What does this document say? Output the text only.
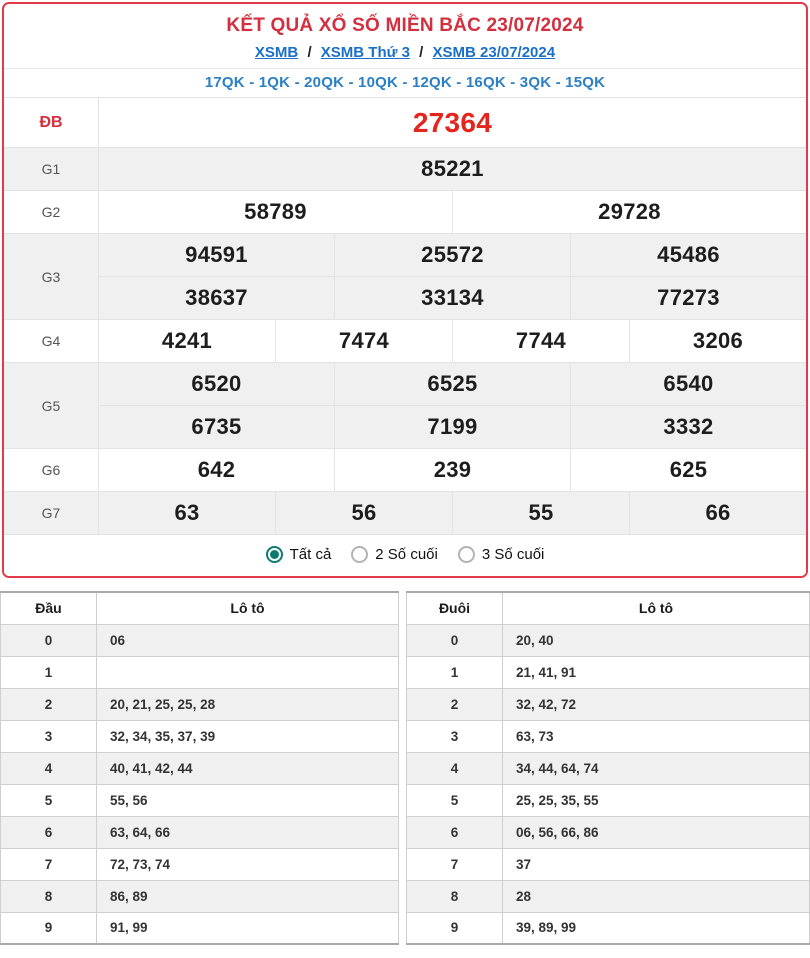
KẾT QUẢ XỔ SỐ MIỀN BẮC 23/07/2024
XSMB / XSMB Thứ 3 / XSMB 23/07/2024
17QK - 1QK - 20QK - 10QK - 12QK - 16QK - 3QK - 15QK
ĐB	27364
G1	85221
G2	58789	29728
G3
94591	25572	45486
38637	33134	77273
G4	4241	7474	7744	3206
G5
6520	6525	6540
6735	7199	3332
G6	642	239	625
G7	63	56	55	66
Tất cả	2 Số cuối	3 Số cuối
Đầu	Lô tô
0	06
1	
2	20, 21, 25, 25, 28
3	32, 34, 35, 37, 39
4	40, 41, 42, 44
5	55, 56
6	63, 64, 66
7	72, 73, 74
8	86, 89
9	91, 99
Đuôi	Lô tô
0	20, 40
1	21, 41, 91
2	32, 42, 72
3	63, 73
4	34, 44, 64, 74
5	25, 25, 35, 55
6	06, 56, 66, 86
7	37
8	28
9	39, 89, 99
